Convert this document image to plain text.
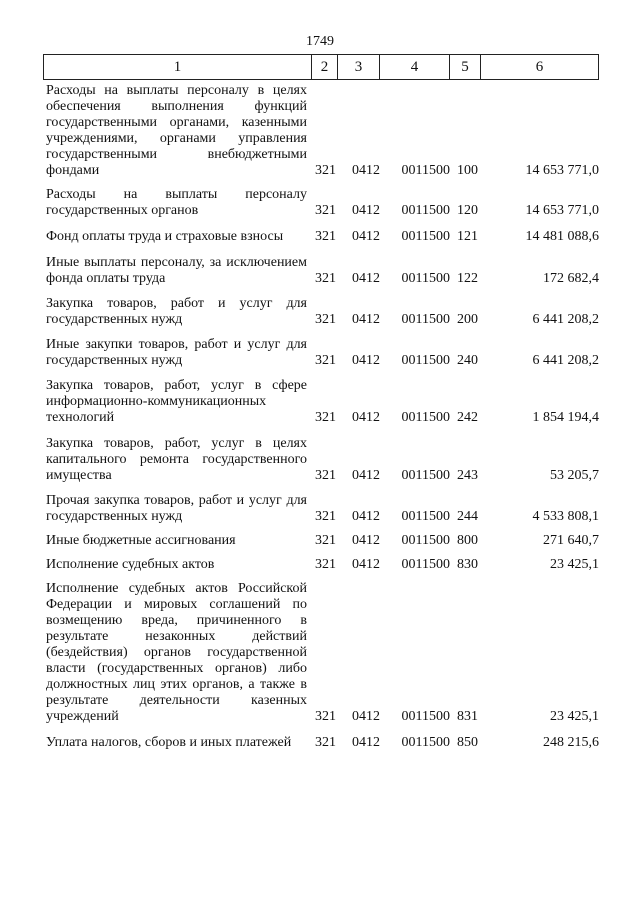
1749
1	2	3	4	5	6
Расходы на выплаты персоналу в целях обеспечения выполнения функций государственными органами, казенными учреждениями, органами управления государственными внебюджетными фондами	321	0412	0011500 100	14 653 771,0
Расходы на выплаты персоналу государственных органов	321	0412	0011500 120	14 653 771,0
Фонд оплаты труда и страховые взносы	321	0412	0011500 121	14 481 088,6
Иные выплаты персоналу, за исключением фонда оплаты труда	321	0412	0011500 122	172 682,4
Закупка товаров, работ и услуг для государственных нужд	321	0412	0011500 200	6 441 208,2
Иные закупки товаров, работ и услуг для государственных нужд	321	0412	0011500 240	6 441 208,2
Закупка товаров, работ, услуг в сфере информационно-коммуникационных технологий	321	0412	0011500 242	1 854 194,4
Закупка товаров, работ, услуг в целях капитального ремонта государственного имущества	321	0412	0011500 243	53 205,7
Прочая закупка товаров, работ и услуг для государственных нужд	321	0412	0011500 244	4 533 808,1
Иные бюджетные ассигнования	321	0412	0011500 800	271 640,7
Исполнение судебных актов	321	0412	0011500 830	23 425,1
Исполнение судебных актов Российской Федерации и мировых соглашений по возмещению вреда, причиненного в результате незаконных действий (бездействия) органов государственной власти (государственных органов) либо должностных лиц этих органов, а также в результате деятельности казенных учреждений	321	0412	0011500 831	23 425,1
Уплата налогов, сборов и иных платежей	321	0412	0011500 850	248 215,6
